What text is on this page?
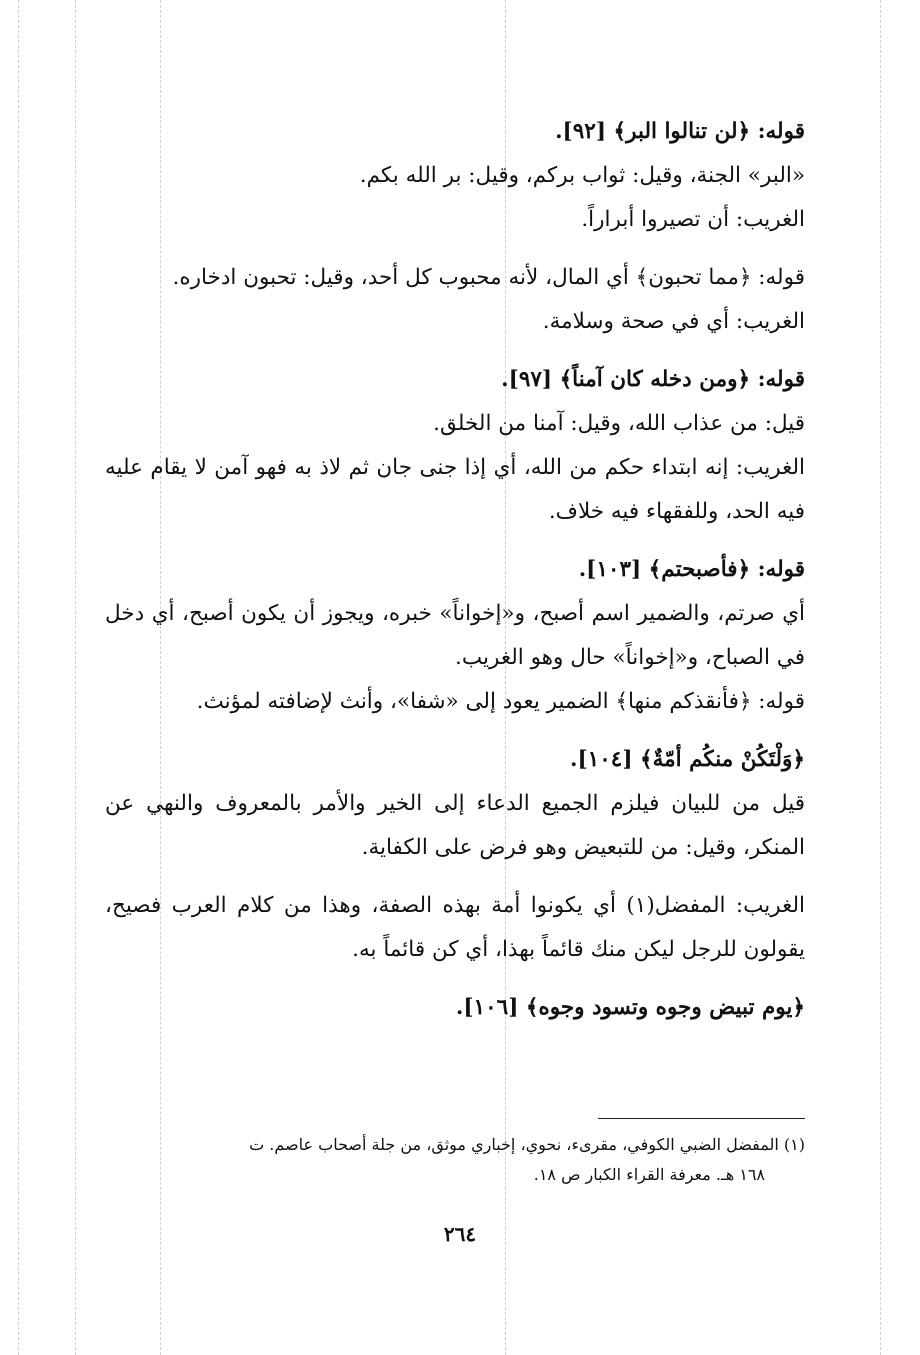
قوله: ﴿لن تنالوا البر﴾ [٩٢].

«البر» الجنة، وقيل: ثواب بركم، وقيل: بر الله بكم.

الغريب: أن تصيروا أبراراً.

قوله: ﴿مما تحبون﴾ أي المال، لأنه محبوب كل أحد، وقيل: تحبون ادخاره.

الغريب: أي في صحة وسلامة.

قوله: ﴿ومن دخله كان آمناً﴾ [٩٧].

قيل: من عذاب الله، وقيل: آمنا من الخلق.

الغريب: إنه ابتداء حكم من الله، أي إذا جنى جان ثم لاذ به فهو آمن لا يقام عليه فيه الحد، وللفقهاء فيه خلاف.

قوله: ﴿فأصبحتم﴾ [١٠٣].

أي صرتم، والضمير اسم أصبح، و«إخواناً» خبره، ويجوز أن يكون أصبح، أي دخل في الصباح، و«إخواناً» حال وهو الغريب.

قوله: ﴿فأنقذكم منها﴾ الضمير يعود إلى «شفا»، وأنث لإضافته لمؤنث.

﴿وَلْتَكُنْ منكُم أمّةٌ﴾ [١٠٤].

قيل من للبيان فيلزم الجميع الدعاء إلى الخير والأمر بالمعروف والنهي عن المنكر، وقيل: من للتبعيض وهو فرض على الكفاية.

الغريب: المفضل(١) أي يكونوا أمة بهذه الصفة، وهذا من كلام العرب فصيح، يقولون للرجل ليكن منك قائماً بهذا، أي كن قائماً به.

﴿يوم تبيض وجوه وتسود وجوه﴾ [١٠٦].

(١) المفضل الضبي الكوفي، مقرىء، نحوي، إخباري موثق، من جلة أصحاب عاصم. ت
١٦٨ هـ. معرفة القراء الكبار ص ١٨.
٢٦٤
